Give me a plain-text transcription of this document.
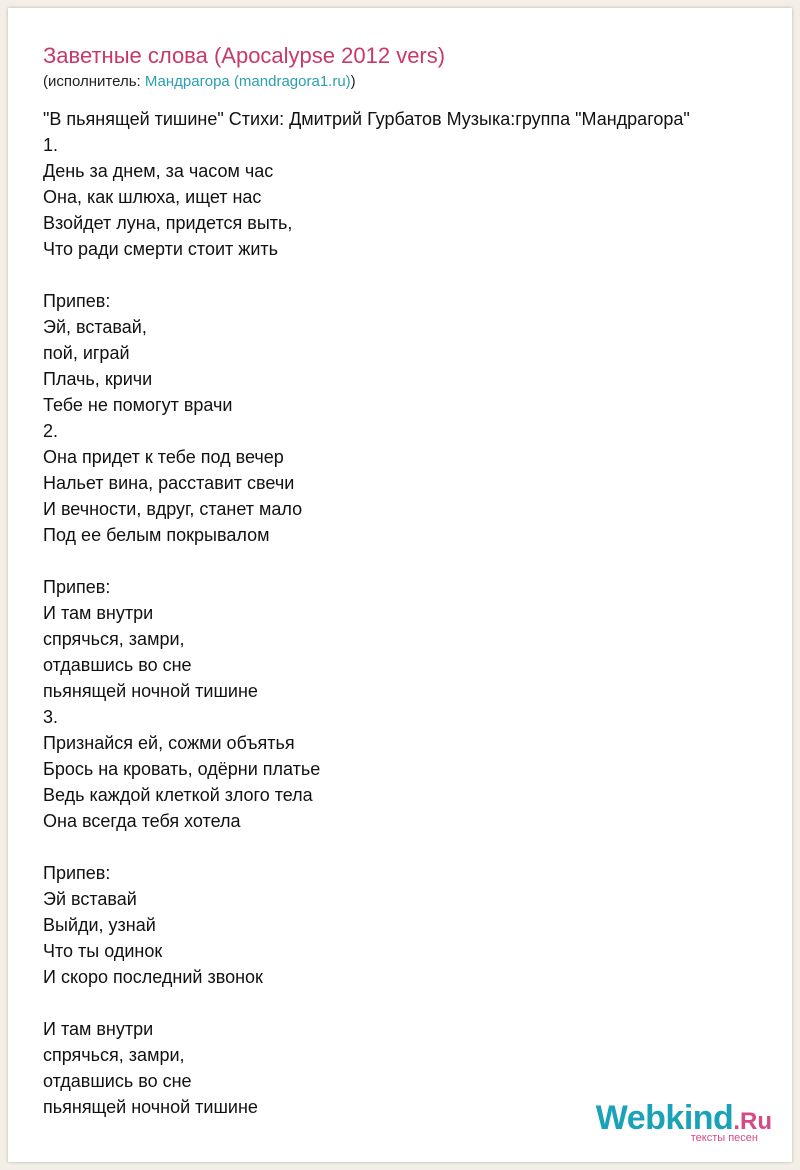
Заветные слова (Apocalypse 2012 vers)
(исполнитель: Мандрагора (mandragora1.ru))
"В пьянящей тишине" Стихи: Дмитрий Гурбатов Музыка:группа "Мандрагора"
1.
День за днем, за часом час
Она, как шлюха, ищет нас
Взойдет луна, придется выть,
Что ради смерти стоит жить
Припев:
Эй, вставай,
пой, играй
Плачь, кричи
Тебе не помогут врачи
2.
Она придет к тебе под вечер
Нальет вина, расставит свечи
И вечности, вдруг, станет мало
Под ее белым покрывалом
Припев:
И там внутри
спрячься, замри,
отдавшись во сне
пьянящей ночной тишине
3.
Признайся ей, сожми объятья
Брось на кровать, одёрни платье
Ведь каждой клеткой злого тела
Она всегда тебя хотела
Припев:
Эй вставай
Выйди, узнай
Что ты одинок
И скоро последний звонок
И там внутри
спрячься, замри,
отдавшись во сне
пьянящей ночной тишине	Webkind.Ru
тексты песен
